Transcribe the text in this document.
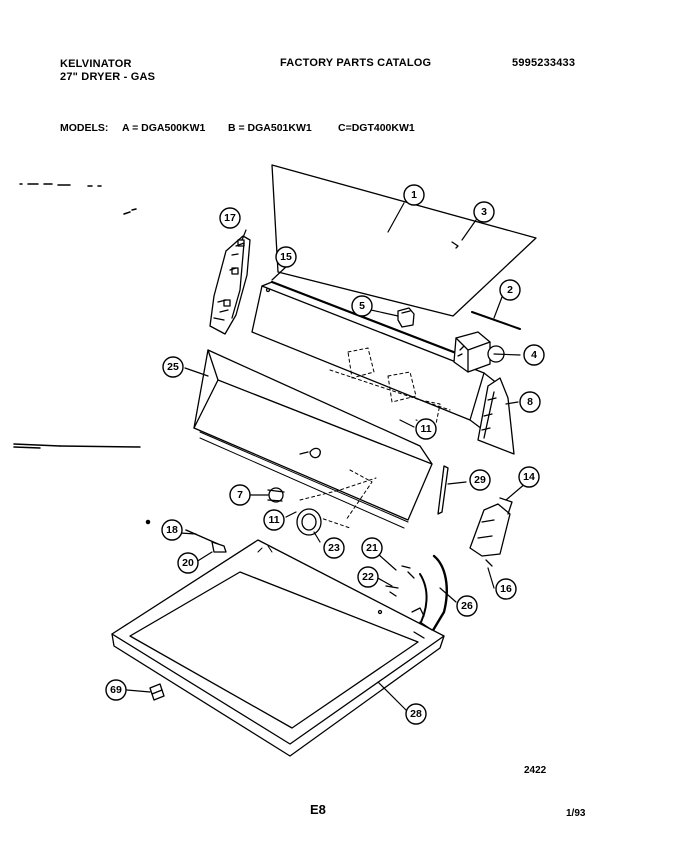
KELVINATOR
27" DRYER - GAS
FACTORY PARTS CATALOG	5995233433
MODELS: A = DGA500KW1 B = DGA501KW1	C=DGT400KW1
1
2
3
4
5
7
8
11
11
14
15
16
17
18
20
21
22
23
25
26
28
29
69
2422
E8	1/93
